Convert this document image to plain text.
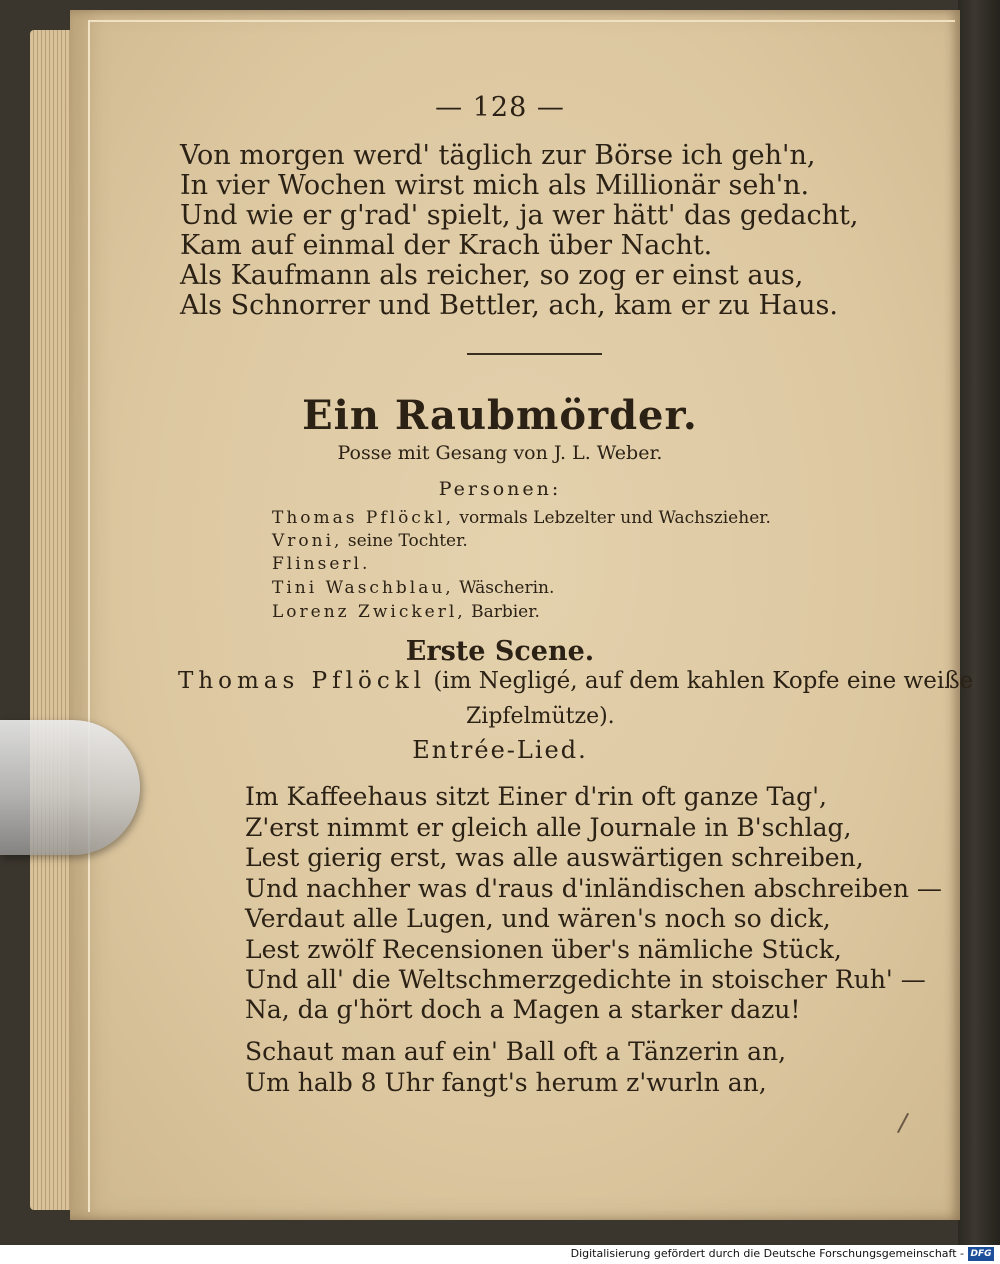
— 128 —
Von morgen werd' täglich zur Börse ich geh'n,
In vier Wochen wirst mich als Millionär seh'n.
Und wie er g'rad' spielt, ja wer hätt' das gedacht,
Kam auf einmal der Krach über Nacht.
Als Kaufmann als reicher, so zog er einst aus,
Als Schnorrer und Bettler, ach, kam er zu Haus.
Ein Raubmörder.
Posse mit Gesang von J. L. Weber.
Personen:
Thomas Pflöckl, vormals Lebzelter und Wachszieher.
Vroni, seine Tochter.
Flinserl.
Tini Waschblau, Wäscherin.
Lorenz Zwickerl, Barbier.
Erste Scene.
Thomas Pflöckl (im Negligé, auf dem kahlen Kopfe eine weiße
Zipfelmütze).
Entrée-Lied.
Im Kaffeehaus sitzt Einer d'rin oft ganze Tag',
Z'erst nimmt er gleich alle Journale in B'schlag,
Lest gierig erst, was alle auswärtigen schreiben,
Und nachher was d'raus d'inländischen abschreiben —
Verdaut alle Lugen, und wären's noch so dick,
Lest zwölf Recensionen über's nämliche Stück,
Und all' die Weltschmerzgedichte in stoischer Ruh' —
Na, da g'hört doch a Magen a starker dazu!
Schaut man auf ein' Ball oft a Tänzerin an,
Um halb 8 Uhr fangt's herum z'wurln an,
Digitalisierung gefördert durch die Deutsche Forschungsgemeinschaft - DFG
